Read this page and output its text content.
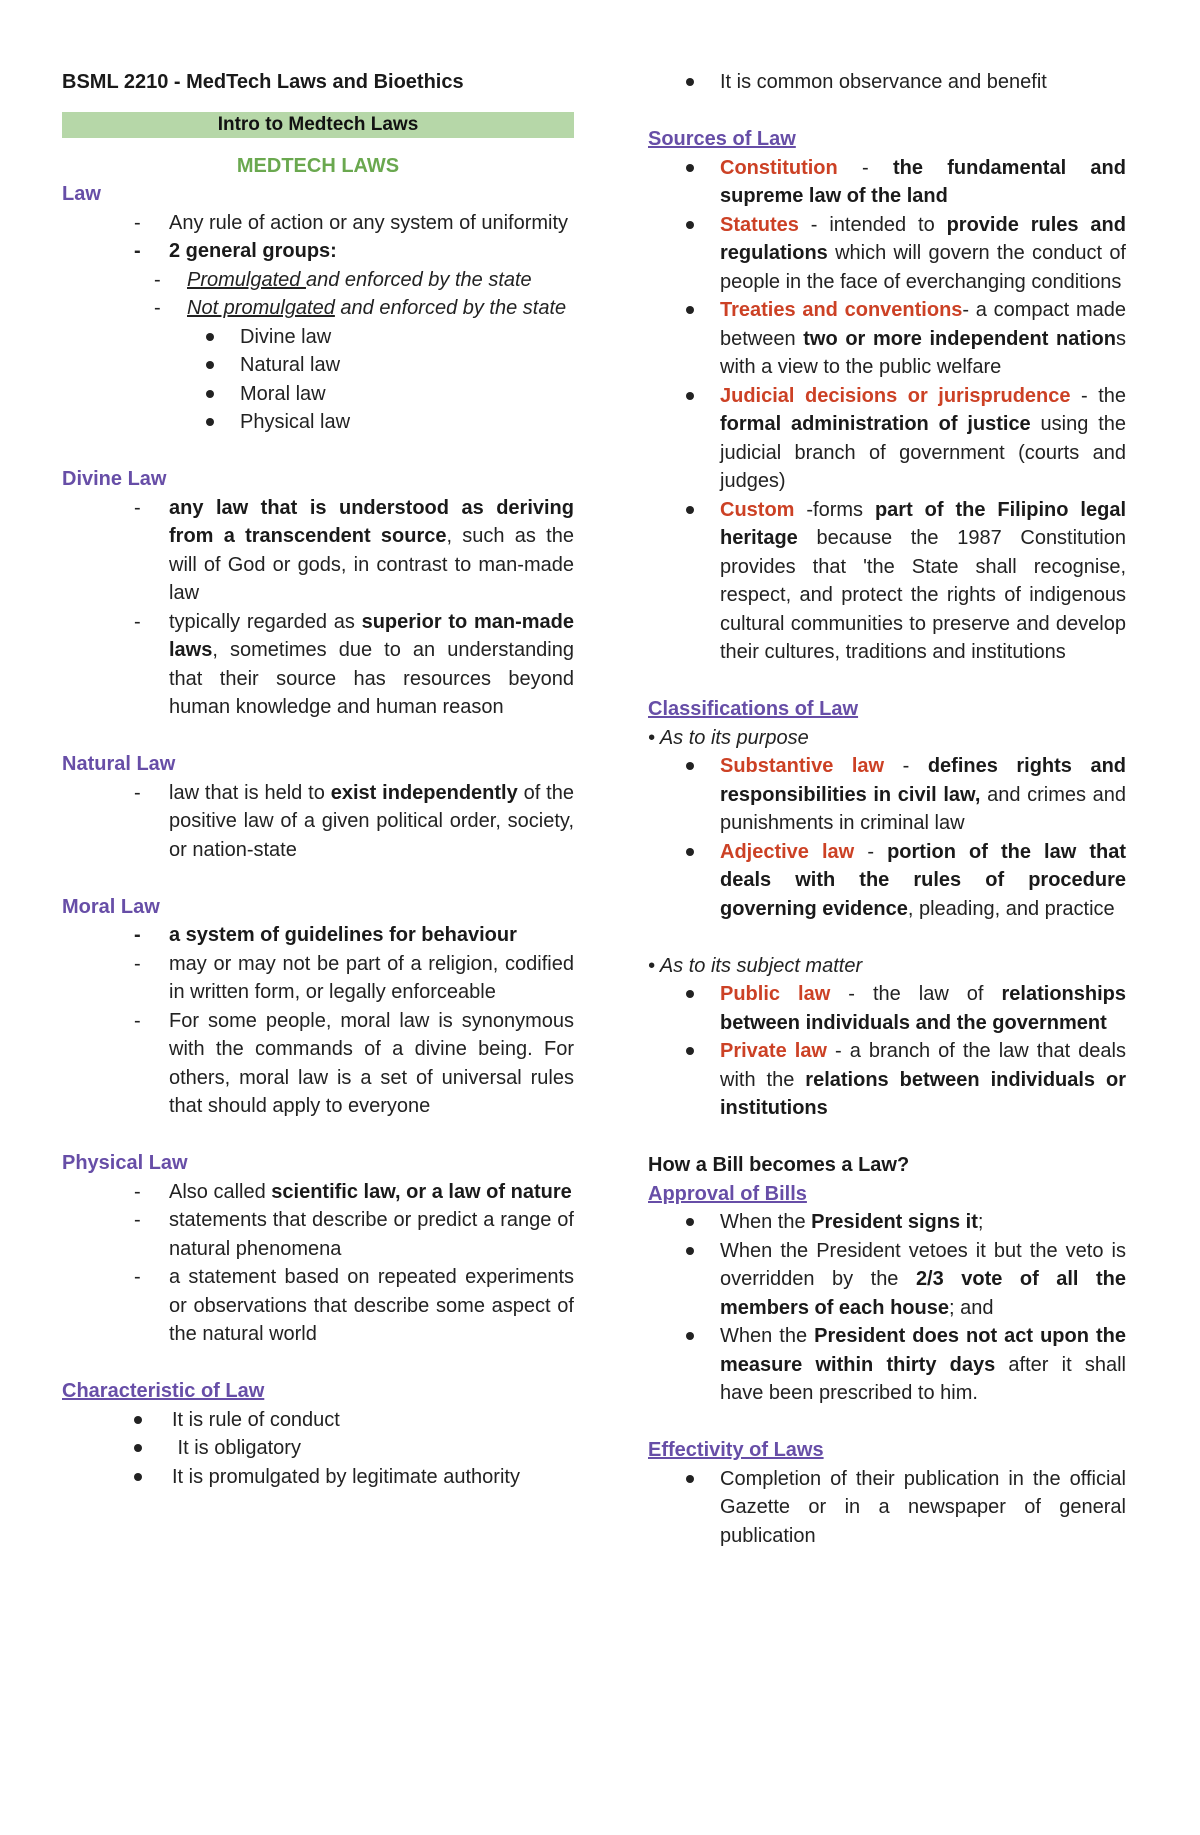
BSML 2210 - MedTech Laws and Bioethics
Intro to Medtech Laws
MEDTECH LAWS
Law
- Any rule of action or any system of uniformity
- 2 general groups:
- Promulgated and enforced by the state
- Not promulgated and enforced by the state
Divine law
Natural law
Moral law
Physical law
Divine Law
- any law that is understood as deriving from a transcendent source, such as the will of God or gods, in contrast to man-made law
- typically regarded as superior to man-made laws, sometimes due to an understanding that their source has resources beyond human knowledge and human reason
Natural Law
- law that is held to exist independently of the positive law of a given political order, society, or nation-state
Moral Law
- a system of guidelines for behaviour
- may or may not be part of a religion, codified in written form, or legally enforceable
- For some people, moral law is synonymous with the commands of a divine being. For others, moral law is a set of universal rules that should apply to everyone
Physical Law
- Also called scientific law, or a law of nature
- statements that describe or predict a range of natural phenomena
- a statement based on repeated experiments or observations that describe some aspect of the natural world
Characteristic of Law
It is rule of conduct
It is obligatory
It is promulgated by legitimate authority
It is common observance and benefit
Sources of Law
Constitution - the fundamental and supreme law of the land
Statutes - intended to provide rules and regulations which will govern the conduct of people in the face of everchanging conditions
Treaties and conventions- a compact made between two or more independent nations with a view to the public welfare
Judicial decisions or jurisprudence - the formal administration of justice using the judicial branch of government (courts and judges)
Custom -forms part of the Filipino legal heritage because the 1987 Constitution provides that 'the State shall recognise, respect, and protect the rights of indigenous cultural communities to preserve and develop their cultures, traditions and institutions
Classifications of Law
• As to its purpose
Substantive law - defines rights and responsibilities in civil law, and crimes and punishments in criminal law
Adjective law - portion of the law that deals with the rules of procedure governing evidence, pleading, and practice
• As to its subject matter
Public law - the law of relationships between individuals and the government
Private law - a branch of the law that deals with the relations between individuals or institutions
How a Bill becomes a Law?
Approval of Bills
When the President signs it;
When the President vetoes it but the veto is overridden by the 2/3 vote of all the members of each house; and
When the President does not act upon the measure within thirty days after it shall have been prescribed to him.
Effectivity of Laws
Completion of their publication in the official Gazette or in a newspaper of general publication
